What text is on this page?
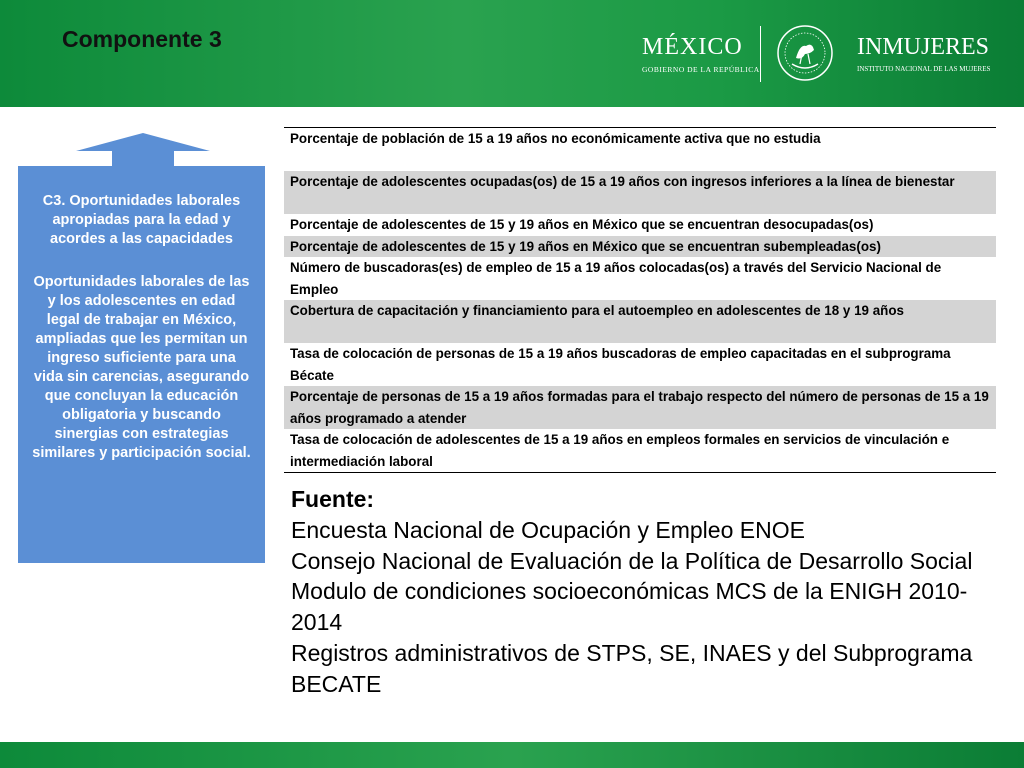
Componente 3	MÉXICO
GOBIERNO DE LA REPÚBLICA
INMUJERES
INSTITUTO NACIONAL DE LAS MUJERES
C3. Oportunidades laborales apropiadas para la edad y acordes a las capacidades
Oportunidades laborales de las y los adolescentes en edad legal de trabajar en México, ampliadas que les permitan un ingreso suficiente para una vida sin carencias, asegurando que concluyan la educación obligatoria y buscando sinergias con estrategias similares y participación social.
Porcentaje de población de 15 a 19 años no económicamente activa que no estudia
Porcentaje de adolescentes ocupadas(os) de 15 a 19 años con ingresos inferiores a la línea de bienestar
Porcentaje de adolescentes de 15 y 19 años en México que se encuentran desocupadas(os)
Porcentaje de adolescentes de 15 y 19 años en México que se encuentran subempleadas(os)
Número de buscadoras(es) de empleo de 15 a 19 años colocadas(os) a través del Servicio Nacional de Empleo
Cobertura de capacitación y financiamiento para el autoempleo en adolescentes de 18 y 19 años
Tasa de colocación de personas de 15 a 19 años buscadoras de empleo capacitadas en el subprograma Bécate
Porcentaje de personas de 15 a 19 años formadas para el trabajo respecto del número de personas de 15 a 19 años programado a atender
Tasa de colocación de adolescentes de 15 a 19 años en empleos formales en servicios de vinculación e intermediación laboral
Fuente:
Encuesta Nacional de Ocupación y Empleo ENOE
Consejo Nacional de Evaluación de la Política de Desarrollo Social
Modulo de condiciones socioeconómicas MCS de la ENIGH 2010-2014
Registros administrativos de STPS, SE, INAES y del Subprograma BECATE
